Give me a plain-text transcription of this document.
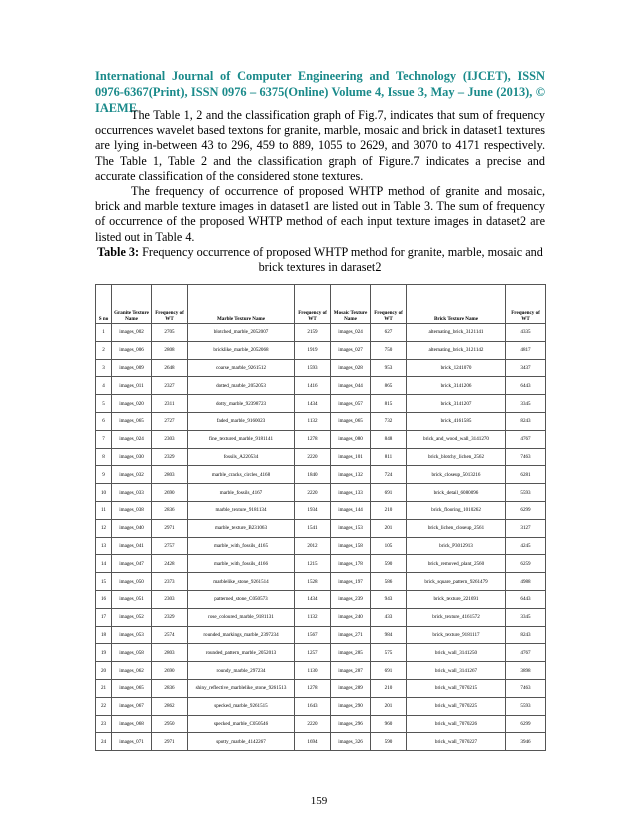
International Journal of Computer Engineering and Technology (IJCET), ISSN 0976-6367(Print), ISSN 0976 – 6375(Online) Volume 4, Issue 3, May – June (2013), © IAEME

The Table 1, 2 and the classification graph of Fig.7, indicates that sum of frequency occurrences wavelet based textons for granite, marble, mosaic and brick in dataset1 textures are lying in-between 43 to 296, 459 to 889, 1055 to 2629, and 3070 to 4171 respectively. The Table 1, Table 2 and the classification graph of Figure.7 indicates a precise and accurate classification of the considered stone textures.

The frequency of occurrence of proposed WHTP method of granite and mosaic, brick and marble texture images in dataset1 are listed out in Table 3. The sum of frequency of occurrence of the proposed WHTP method of each input texture images in dataset2 are listed out in Table 4.

Table 3: Frequency occurrence of proposed WHTP method for granite, marble, mosaic and brick textures in daraset2
S no	Granite Texture Name	Frequency of WT	Marble Texture Name	Frequency of WT	Mosaic Texture Name	Frequency of WT	Brick Texture Name	Frequency of WT
1	images_002	2705	blotched_marble_2052007	2159	images_024	627	alternating_brick_3121141	4335
2	images_006	2808	bricklike_marble_2052068	1919	images_027	750	alternating_brick_3121142	4817
3	images_009	2648	coarse_marble_9261512	1593	images_028	953	brick_1241070	3437
4	images_011	2327	dotted_marble_2052053	1416	images_044	865	brick_3141206	6443
5	images_020	2311	dotty_marble_92398723	1434	images_057	815	brick_3141207	3345
6	images_065	2727	faded_marble_9160023	1132	images_065	732	brick_4161585	8243
7	images_024	2303	fine_textured_marble_9181141	1278	images_080	848	brick_and_wood_wall_3141270	4767
8	images_030	2329	fossils_A220534	2220	images_101	811	brick_blotchy_lichen_2562	7463
9	images_032	2803	marble_cracks_circles_4168	1840	images_132	724	brick_closeup_5013216	6281
10	images_033	2690	marble_fossils_4167	2220	images_133	691	brick_detail_6080096	5593
11	images_038	2836	marble_texture_9181134	1934	images_144	210	brick_flooring_1010262	6299
12	images_040	2971	marble_texture_B231063	1541	images_153	201	brick_lichen_closeup_2561	3127
13	images_041	2757	marble_with_fossils_4165	2012	images_158	105	brick_P3012913	4245
14	images_047	2428	marble_with_fossils_4166	1215	images_178	590	brick_removed_plant_2560	6259
15	images_050	2373	marblelike_stone_9261514	1528	images_197	586	brick_square_pattern_9261479	4988
16	images_051	2303	patterned_stone_C050573	1434	images_239	943	brick_texture_221691	6443
17	images_052	2329	rose_coloured_marble_9181131	1132	images_240	433	brick_texture_4161572	3345
18	images_053	2574	rounded_markings_marble_2397234	1567	images_271	984	brick_texture_9181117	8243
19	images_058	2803	rounded_pattern_marble_2052013	1257	images_285	575	brick_wall_3141250	4767
20	images_062	2690	roundy_marble_297234	1130	images_287	691	brick_wall_3141267	3898
21	images_065	2836	shiny_reflective_marblelike_stone_9261513	1278	images_289	210	brick_wall_7070215	7463
22	images_067	2862	specked_marble_9261515	1643	images_290	201	brick_wall_7070225	5593
23	images_068	2950	specked_marble_C050546	2220	images_296	960	brick_wall_7070226	6299
24	images_071	2971	spotty_marble_4142267	1694	images_326	590	brick_wall_7070227	3946
159
